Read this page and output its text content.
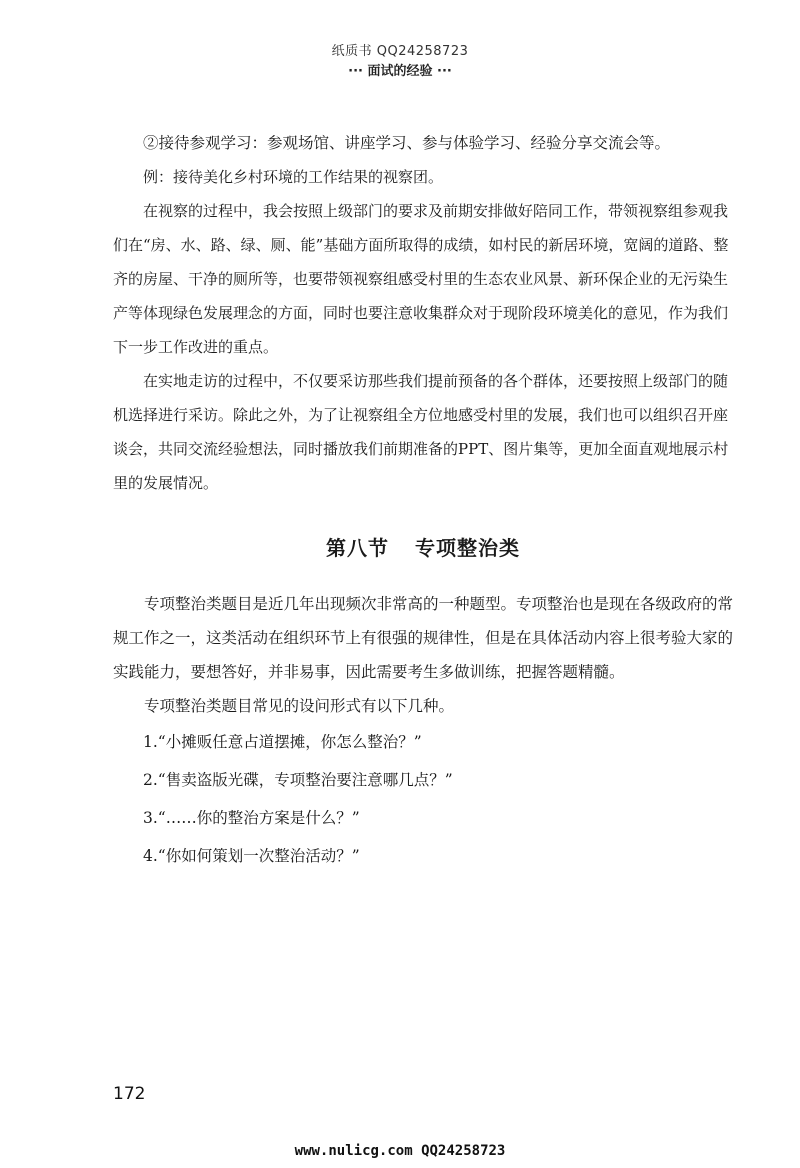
纸质书 QQ24258723
··· 面试的经验 ···

②接待参观学习：参观场馆、讲座学习、参与体验学习、经验分享交流会等。

例：接待美化乡村环境的工作结果的视察团。

在视察的过程中，我会按照上级部门的要求及前期安排做好陪同工作，带领视察组参观我们在“房、水、路、绿、厕、能”基础方面所取得的成绩，如村民的新居环境，宽阔的道路、整齐的房屋、干净的厕所等，也要带领视察组感受村里的生态农业风景、新环保企业的无污染生产等体现绿色发展理念的方面，同时也要注意收集群众对于现阶段环境美化的意见，作为我们下一步工作改进的重点。

在实地走访的过程中，不仅要采访那些我们提前预备的各个群体，还要按照上级部门的随机选择进行采访。除此之外，为了让视察组全方位地感受村里的发展，我们也可以组织召开座谈会，共同交流经验想法，同时播放我们前期准备的PPT、图片集等，更加全面直观地展示村里的发展情况。

第八节 专项整治类

专项整治类题目是近几年出现频次非常高的一种题型。专项整治也是现在各级政府的常规工作之一，这类活动在组织环节上有很强的规律性，但是在具体活动内容上很考验大家的实践能力，要想答好，并非易事，因此需要考生多做训练，把握答题精髓。

专项整治类题目常见的设问形式有以下几种。

1.“小摊贩任意占道摆摊，你怎么整治？”
2.“售卖盗版光碟，专项整治要注意哪几点？”
3.“……你的整治方案是什么？”
4.“你如何策划一次整治活动？”
172
www.nulicg.com QQ24258723
